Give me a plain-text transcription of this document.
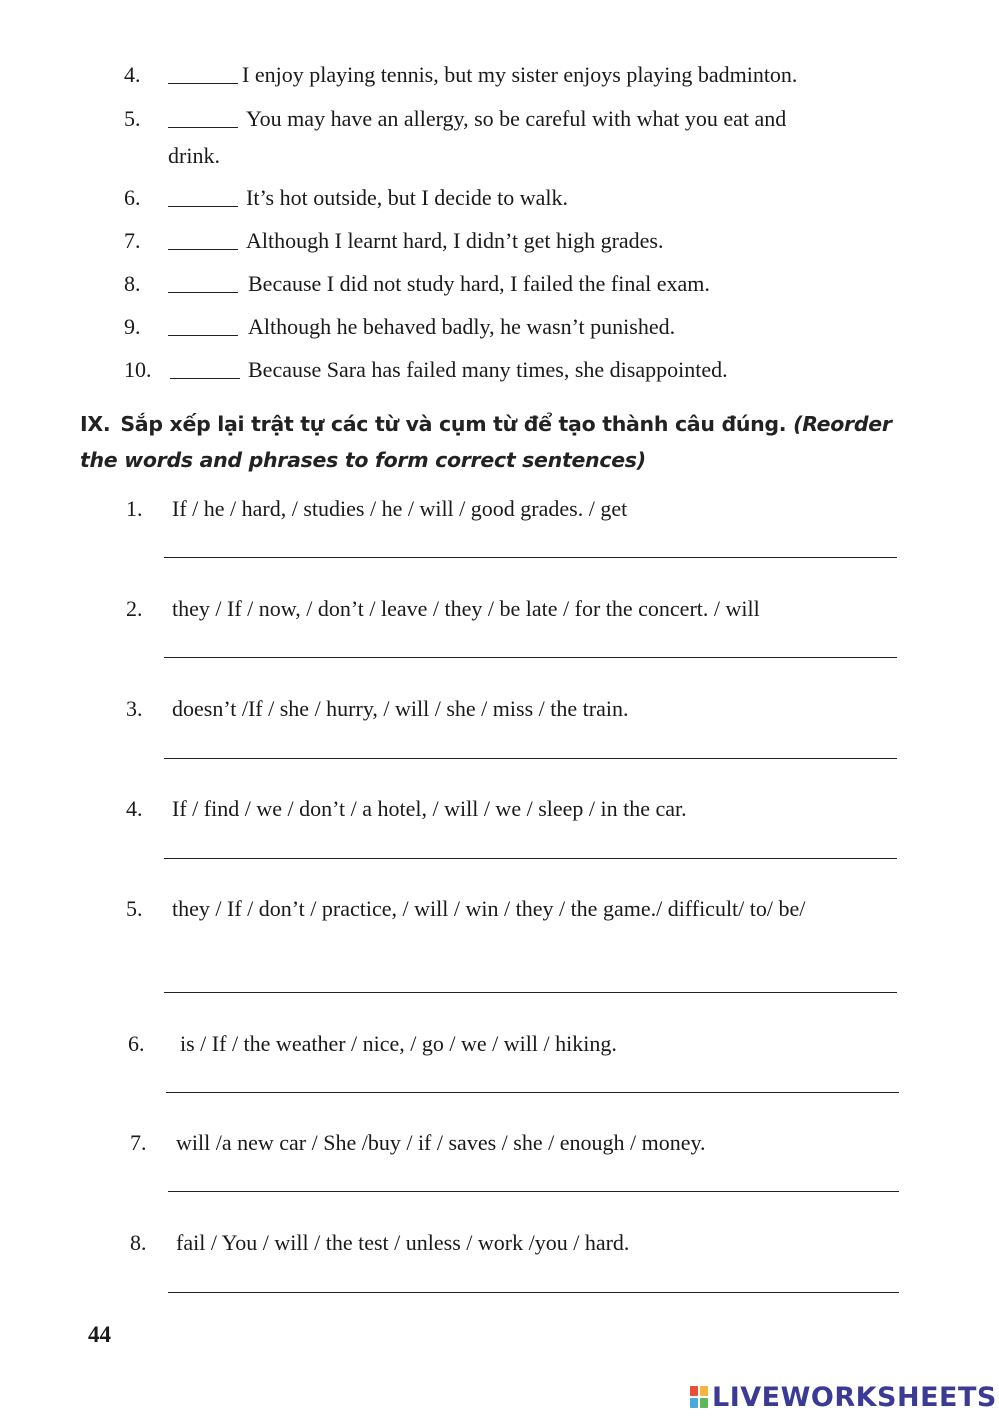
4.	I enjoy playing tennis, but my sister enjoys playing badminton.
5.	You may have an allergy, so be careful with what you eat and
drink.
6.	It’s hot outside, but I decide to walk.
7.	Although I learnt hard, I didn’t get high grades.
8.	Because I did not study hard, I failed the final exam.
9.	Although he behaved badly, he wasn’t punished.
10.	Because Sara has failed many times, she disappointed.
IX. Sắp xếp lại trật tự các từ và cụm từ để tạo thành câu đúng. (Reorder the words and phrases to form correct sentences)
1. If / he / hard, / studies / he / will / good grades. / get
2. they / If / now, / don’t / leave / they / be late / for the concert. / will
3. doesn’t /If / she / hurry, / will / she / miss / the train.
4. If / find / we / don’t / a hotel, / will / we / sleep / in the car.
5. they / If / don’t / practice, / will / win / they / the game./ difficult/ to/ be/
6. is / If / the weather / nice, / go / we / will / hiking.
7. will /a new car / She /buy / if / saves / she / enough / money.
8. fail / You / will / the test / unless / work /you / hard.
44
LIVEWORKSHEETS
